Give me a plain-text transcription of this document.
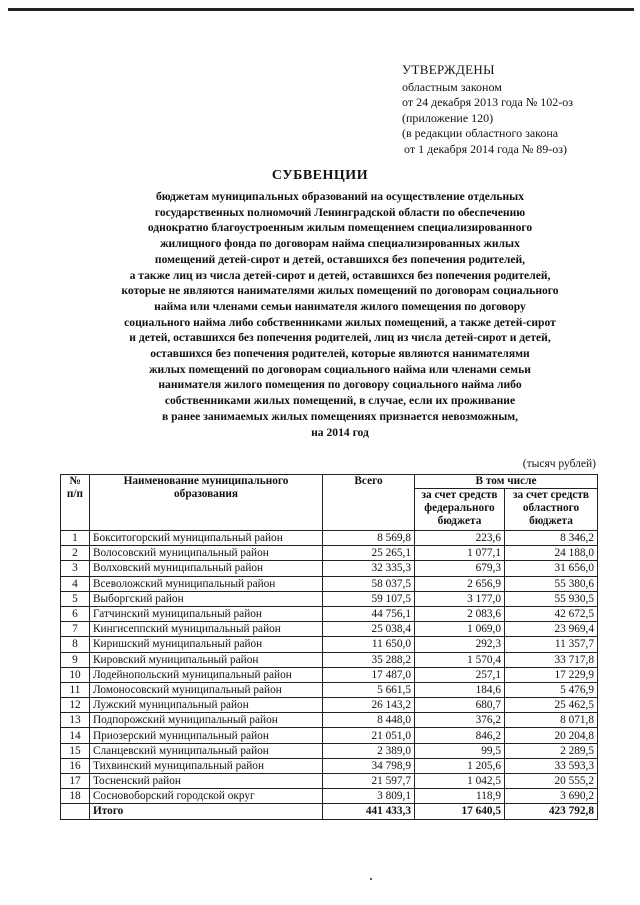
УТВЕРЖДЕНЫ
областным законом
от 24 декабря 2013 года № 102-оз
(приложение 120)
(в редакции областного закона
от 1 декабря 2014 года № 89-оз)
СУБВЕНЦИИ
бюджетам муниципальных образований на осуществление отдельных
государственных полномочий Ленинградской области по обеспечению
однократно благоустроенным жилым помещением специализированного
жилищного фонда по договорам найма специализированных жилых
помещений детей-сирот и детей, оставшихся без попечения родителей,
а также лиц из числа детей-сирот и детей, оставшихся без попечения родителей,
которые не являются нанимателями жилых помещений по договорам социального
найма или членами семьи нанимателя жилого помещения по договору
социального найма либо собственниками жилых помещений, а также детей-сирот
и детей, оставшихся без попечения родителей, лиц из числа детей-сирот и детей,
оставшихся без попечения родителей, которые являются нанимателями
жилых помещений по договорам социального найма или членами семьи
нанимателя жилого помещения по договору социального найма либо
собственниками жилых помещений, в случае, если их проживание
в ранее занимаемых жилых помещениях признается невозможным,
на 2014 год
(тысяч рублей)
№ п/п	Наименование муниципального образования	Всего	В том числе	
			за счет средств федерального бюджета	за счет средств областного бюджета
1	Бокситогорский муниципальный район	8 569,8	223,6	8 346,2
2	Волосовский муниципальный район	25 265,1	1 077,1	24 188,0
3	Волховский муниципальный район	32 335,3	679,3	31 656,0
4	Всеволожский муниципальный район	58 037,5	2 656,9	55 380,6
5	Выборгский район	59 107,5	3 177,0	55 930,5
6	Гатчинский муниципальный район	44 756,1	2 083,6	42 672,5
7	Кингисеппский муниципальный район	25 038,4	1 069,0	23 969,4
8	Киришский муниципальный район	11 650,0	292,3	11 357,7
9	Кировский муниципальный район	35 288,2	1 570,4	33 717,8
10	Лодейнопольский муниципальный район	17 487,0	257,1	17 229,9
11	Ломоносовский муниципальный район	5 661,5	184,6	5 476,9
12	Лужский муниципальный район	26 143,2	680,7	25 462,5
13	Подпорожский муниципальный район	8 448,0	376,2	8 071,8
14	Приозерский муниципальный район	21 051,0	846,2	20 204,8
15	Сланцевский муниципальный район	2 389,0	99,5	2 289,5
16	Тихвинский муниципальный район	34 798,9	1 205,6	33 593,3
17	Тосненский район	21 597,7	1 042,5	20 555,2
18	Сосновоборский городской округ	3 809,1	118,9	3 690,2
	Итого	441 433,3	17 640,5	423 792,8
